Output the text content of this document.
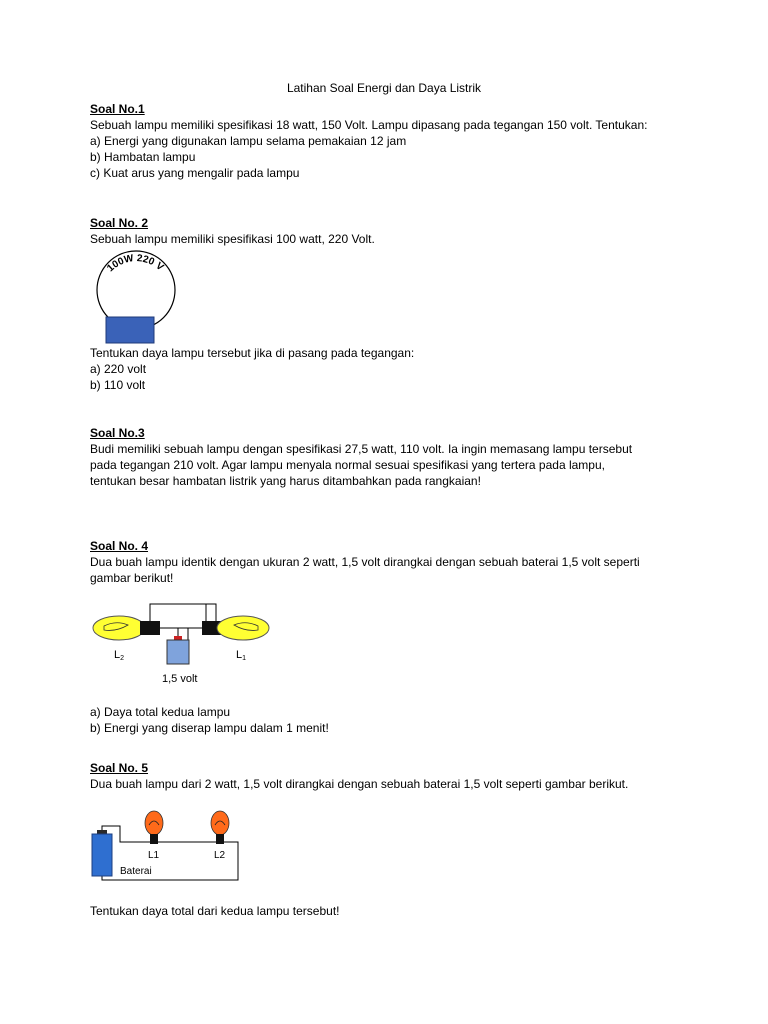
Latihan Soal Energi dan Daya Listrik
Soal No.1
Sebuah lampu memiliki spesifikasi 18 watt, 150 Volt. Lampu dipasang pada tegangan 150 volt. Tentukan:
a) Energi yang digunakan lampu selama pemakaian 12 jam
b) Hambatan lampu
c) Kuat arus yang mengalir pada lampu
Soal No. 2
Sebuah lampu memiliki spesifikasi 100 watt, 220 Volt.
100W 220 V
Tentukan daya lampu tersebut jika di pasang pada tegangan:
a) 220 volt
b) 110 volt
Soal No.3
Budi memiliki sebuah lampu dengan spesifikasi 27,5 watt, 110 volt. Ia ingin memasang lampu tersebut
pada tegangan 210 volt. Agar lampu menyala normal sesuai spesifikasi yang tertera pada lampu,
tentukan besar hambatan listrik yang harus ditambahkan pada rangkaian!
Soal No. 4
Dua buah lampu identik dengan ukuran 2 watt, 1,5 volt dirangkai dengan sebuah baterai 1,5 volt seperti
gambar berikut!
L2	L1
1,5 volt
a) Daya total kedua lampu
b) Energi yang diserap lampu dalam 1 menit!
Soal No. 5
Dua buah lampu dari 2 watt, 1,5 volt dirangkai dengan sebuah baterai 1,5 volt seperti gambar berikut.
L1	L2
Baterai
Tentukan daya total dari kedua lampu tersebut!
